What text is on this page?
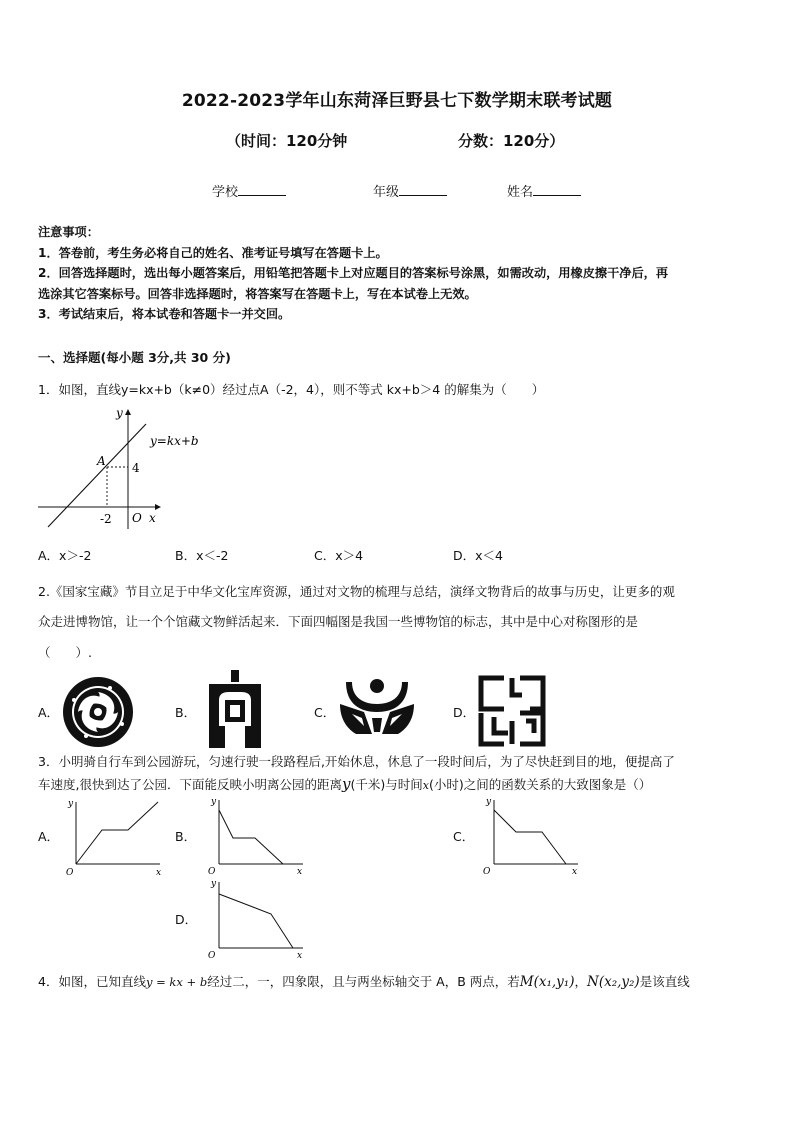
2022-2023学年山东菏泽巨野县七下数学期末联考试题
（时间：120分钟	分数：120分）
学校	年级	姓名
注意事项：
1．答卷前，考生务必将自己的姓名、准考证号填写在答题卡上。
2．回答选择题时，选出每小题答案后，用铅笔把答题卡上对应题目的答案标号涂黑，如需改动，用橡皮擦干净后，再
选涂其它答案标号。回答非选择题时，将答案写在答题卡上，写在本试卷上无效。
3．考试结束后，将本试卷和答题卡一并交回。
一、选择题(每小题 3分,共 30 分)
1．如图，直线y=kx+b（k≠0）经过点A（-2，4），则不等式 kx+b＞4 的解集为（　　）
y
x
O
y=kx+b
A 4
-2
A．x＞-2	B．x＜-2	C．x＞4	D．x＜4
2.《国家宝藏》节目立足于中华文化宝库资源，通过对文物的梳理与总结，演绎文物背后的故事与历史，让更多的观
众走进博物馆，让一个个馆藏文物鲜活起来．下面四幅图是我国一些博物馆的标志，其中是中心对称图形的是
（　　）.
A．	B．	C．	D．
3．小明骑自行车到公园游玩，匀速行驶一段路程后,开始休息，休息了一段时间后，为了尽快赶到目的地，便提高了
车速度,很快到达了公园．下面能反映小明离公园的距离y(千米)与时间x(小时)之间的函数关系的大致图象是（）
A．
y
x
O
B．
y
x
O
C．
y
x
O
D．
y
x
O
4．如图，已知直线y = kx + b经过二，一，四象限，且与两坐标轴交于 A，B 两点，若M(x₁,y₁)，N(x₂,y₂)是该直线
